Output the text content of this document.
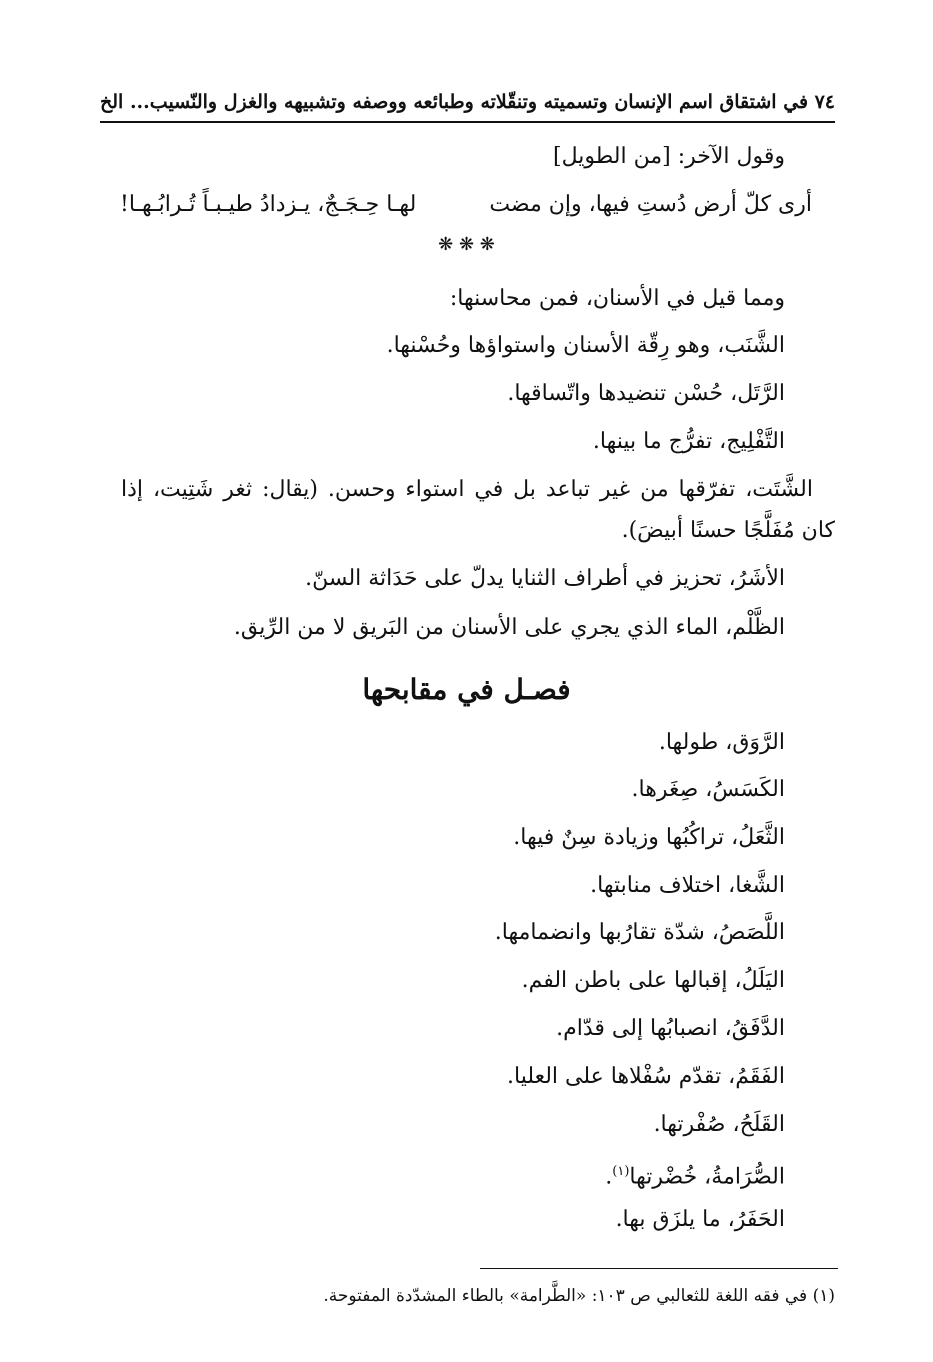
٧٤
في اشتقاق اسم الإنسان وتسميته وتنقّلاته وطبائعه ووصفه وتشبيهه والغزل والنّسيب... الخ
وقول الآخر: [من الطويل]
أرى كلّ أرض دُستِ فيها، وإن مضت
لهـا حِـجَـجٌ، يـزدادُ طيـبـاً تُـرابُـهـا!
❋ ❋ ❋
ومما قيل في الأسنان، فمن محاسنها:
الشَّنَب، وهو رِقّة الأسنان واستواؤها وحُسْنها.
الرَّتَل، حُسْن تنضيدها واتّساقها.
التَّفْلِيج، تفرُّج ما بينها.
الشَّتَت، تفرّقها من غير تباعد بل في استواء وحسن. (يقال: ثغر شَتِيت، إذا
كان مُفَلَّجًا حسنًا أبيضَ).
الأشَرُ، تحزيز في أطراف الثنايا يدلّ على حَدَاثة السنّ.
الظَّلْم، الماء الذي يجري على الأسنان من البَريق لا من الرِّيق.
فصـل في مقابحها
الرَّوَق، طولها.
الكَسَسُ، صِغَرها.
الثَّعَلُ، تراكُبُها وزيادة سِنٌ فيها.
الشَّغا، اختلاف منابتها.
اللَّصَصُ، شدّة تقارُبها وانضمامها.
اليَلَلُ، إقبالها على باطن الفم.
الدَّفَقُ، انصبابُها إلى قدّام.
الفَقَمُ، تقدّم سُفْلاها على العليا.
القَلَحُ، صُفْرتها.
الصُّرَامةُ، خُضْرتها$^{(١)}$.
الحَفَرُ، ما يلزَق بها.
(١) في فقه اللغة للثعالبي ص ١٠٣: «الطَّرامة» بالطاء المشدّدة المفتوحة.
